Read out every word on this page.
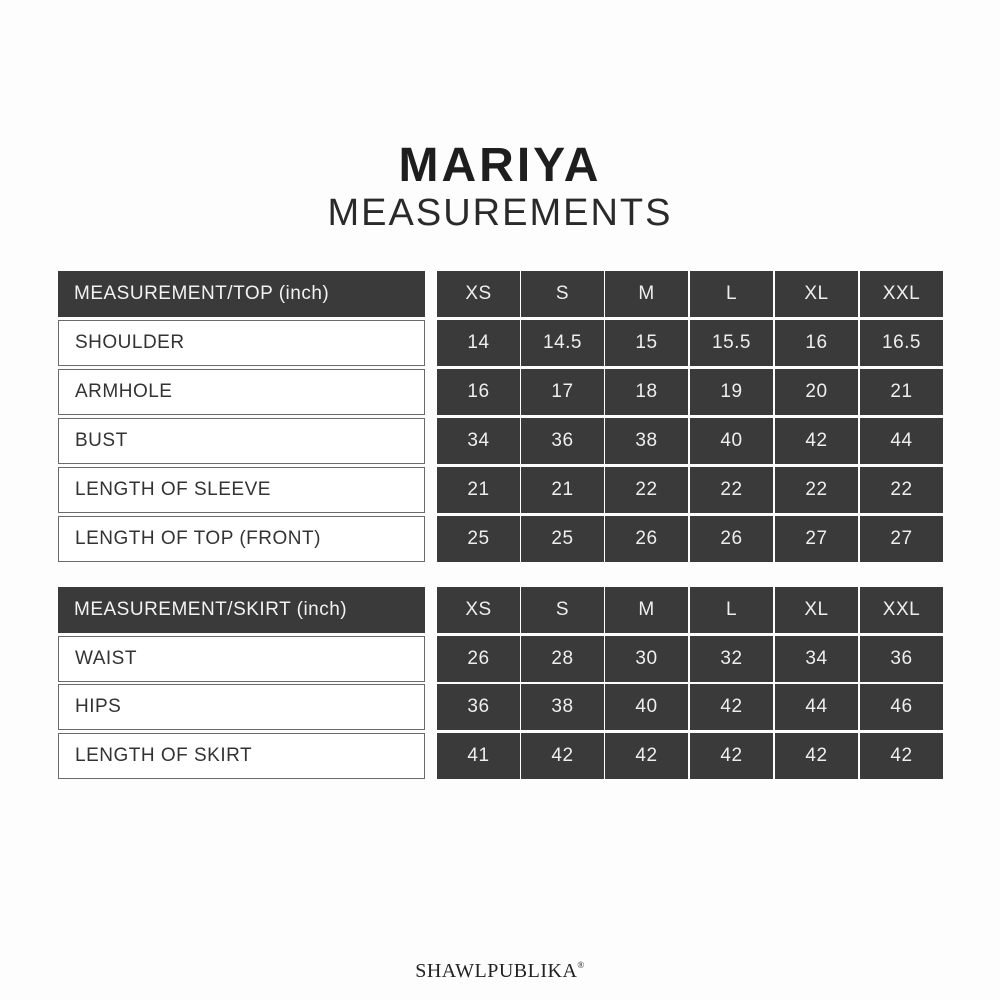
MARIYA
MEASUREMENTS
MEASUREMENT/TOP (inch)	XS	S	M	L	XL	XXL
SHOULDER	14	14.5	15	15.5	16	16.5
ARMHOLE	16	17	18	19	20	21
BUST	34	36	38	40	42	44
LENGTH OF SLEEVE	21	21	22	22	22	22
LENGTH OF TOP (FRONT)	25	25	26	26	27	27
MEASUREMENT/SKIRT (inch)	XS	S	M	L	XL	XXL
WAIST	26	28	30	32	34	36
HIPS	36	38	40	42	44	46
LENGTH OF SKIRT	41	42	42	42	42	42
SHAWLPUBLIKA®
